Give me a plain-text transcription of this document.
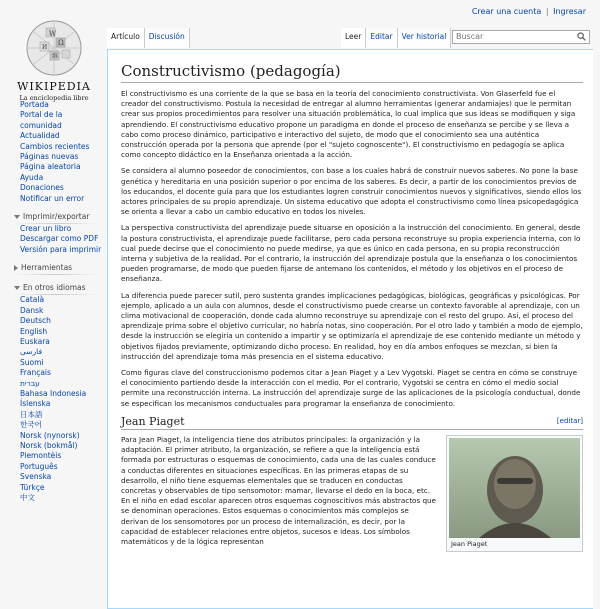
Crear una cuenta | Ingresar
W
Ω
И
維
WIKIPEDIA
La enciclopedia libre
Artículo	Discusión	Leer	Editar	Ver historial
Buscar
Portada
Portal de la comunidad
Actualidad
Cambios recientes
Páginas nuevas
Página aleatoria
Ayuda
Donaciones
Notificar un error
Imprimir/exportar
Crear un libro
Descargar como PDF
Versión para imprimir
Herramientas
En otros idiomas
Català
Dansk
Deutsch
English
Euskara
فارسی
Suomi
Français
עברית
Bahasa Indonesia
Íslenska
日本語
한국어
Norsk (nynorsk)
Norsk (bokmål)
Piemontèis
Português
Svenska
Türkçe
中文
Constructivismo (pedagogía)

El constructivismo es una corriente de la que se basa en la teoría del conocimiento constructivista. Von Glaserfeld fue el creador del constructivismo. Postula la necesidad de entregar al alumno herramientas (generar andamiajes) que le permitan crear sus propios procedimientos para resolver una situación problemática, lo cual implica que sus ideas se modifiquen y siga aprendiendo. El constructivismo educativo propone un paradigma en donde el proceso de enseñanza se percibe y se lleva a cabo como proceso dinámico, participativo e interactivo del sujeto, de modo que el conocimiento sea una auténtica construcción operada por la persona que aprende (por el "sujeto cognoscente"). El constructivismo en pedagogía se aplica como concepto didáctico en la Enseñanza orientada a la acción.

Se considera al alumno poseedor de conocimientos, con base a los cuales habrá de construir nuevos saberes. No pone la base genética y hereditaria en una posición superior o por encima de los saberes. Es decir, a partir de los conocimientos previos de los educandos, el docente guía para que los estudiantes logren construir conocimientos nuevos y significativos, siendo ellos los actores principales de su propio aprendizaje. Un sistema educativo que adopta el constructivismo como línea psicopedagógica se orienta a llevar a cabo un cambio educativo en todos los niveles.

La perspectiva constructivista del aprendizaje puede situarse en oposición a la instrucción del conocimiento. En general, desde la postura constructivista, el aprendizaje puede facilitarse, pero cada persona reconstruye su propia experiencia interna, con lo cual puede decirse que el conocimiento no puede medirse, ya que es único en cada persona, en su propia reconstrucción interna y subjetiva de la realidad. Por el contrario, la instrucción del aprendizaje postula que la enseñanza o los conocimientos pueden programarse, de modo que pueden fijarse de antemano los contenidos, el método y los objetivos en el proceso de enseñanza.

La diferencia puede parecer sutil, pero sustenta grandes implicaciones pedagógicas, biológicas, geográficas y psicológicas. Por ejemplo, aplicado a un aula con alumnos, desde el constructivismo puede crearse un contexto favorable al aprendizaje, con un clima motivacional de cooperación, donde cada alumno reconstruye su aprendizaje con el resto del grupo. Así, el proceso del aprendizaje prima sobre el objetivo curricular, no habría notas, sino cooperación. Por el otro lado y también a modo de ejemplo, desde la instrucción se elegiría un contenido a impartir y se optimizaría el aprendizaje de ese contenido mediante un método y objetivos fijados previamente, optimizando dicho proceso. En realidad, hoy en día ambos enfoques se mezclan, si bien la instrucción del aprendizaje toma más presencia en el sistema educativo.

Como figuras clave del construccionismo podemos citar a Jean Piaget y a Lev Vygotski. Piaget se centra en cómo se construye el conocimiento partiendo desde la interacción con el medio. Por el contrario, Vygotski se centra en cómo el medio social permite una reconstrucción interna. La instrucción del aprendizaje surge de las aplicaciones de la psicología conductual, donde se especifican los mecanismos conductuales para programar la enseñanza de conocimiento.

Jean Piaget	[editar]
Jean Piaget

Para Jean Piaget, la inteligencia tiene dos atributos principales: la organización y la adaptación. El primer atributo, la organización, se refiere a que la inteligencia está formada por estructuras o esquemas de conocimiento, cada una de las cuales conduce a conductas diferentes en situaciones específicas. En las primeras etapas de su desarrollo, el niño tiene esquemas elementales que se traducen en conductas concretas y observables de tipo sensomotor: mamar, llevarse el dedo en la boca, etc. En el niño en edad escolar aparecen otros esquemas cognoscitivos más abstractos que se denominan operaciones. Estos esquemas o conocimientos más complejos se derivan de los sensomotores por un proceso de internalización, es decir, por la capacidad de establecer relaciones entre objetos, sucesos e ideas. Los símbolos matemáticos y de la lógica representan
